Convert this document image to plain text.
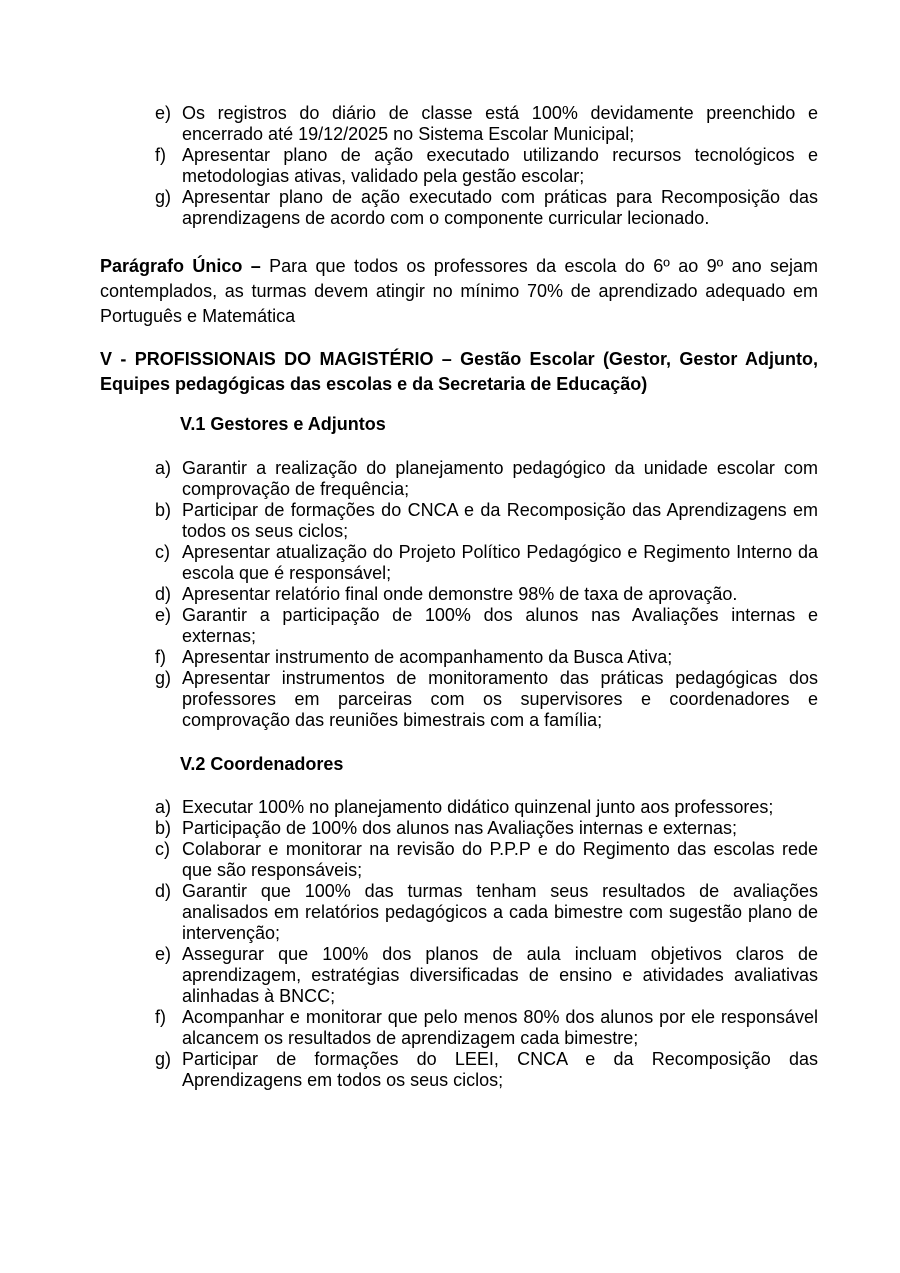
e) Os registros do diário de classe está 100% devidamente preenchido e encerrado até 19/12/2025 no Sistema Escolar Municipal;
f) Apresentar plano de ação executado utilizando recursos tecnológicos e metodologias ativas, validado pela gestão escolar;
g) Apresentar plano de ação executado com práticas para Recomposição das aprendizagens de acordo com o componente curricular lecionado.

Parágrafo Único – Para que todos os professores da escola do 6º ao 9º ano sejam contemplados, as turmas devem atingir no mínimo 70% de aprendizado adequado em Português e Matemática

V - PROFISSIONAIS DO MAGISTÉRIO – Gestão Escolar (Gestor, Gestor Adjunto, Equipes pedagógicas das escolas e da Secretaria de Educação)

V.1 Gestores e Adjuntos

a) Garantir a realização do planejamento pedagógico da unidade escolar com comprovação de frequência;
b) Participar de formações do CNCA e da Recomposição das Aprendizagens em todos os seus ciclos;
c) Apresentar atualização do Projeto Político Pedagógico e Regimento Interno da escola que é responsável;
d) Apresentar relatório final onde demonstre 98% de taxa de aprovação.
e) Garantir a participação de 100% dos alunos nas Avaliações internas e externas;
f) Apresentar instrumento de acompanhamento da Busca Ativa;
g) Apresentar instrumentos de monitoramento das práticas pedagógicas dos professores em parceiras com os supervisores e coordenadores e comprovação das reuniões bimestrais com a família;

V.2 Coordenadores

a) Executar 100% no planejamento didático quinzenal junto aos professores;
b) Participação de 100% dos alunos nas Avaliações internas e externas;
c) Colaborar e monitorar na revisão do P.P.P e do Regimento das escolas rede que são responsáveis;
d) Garantir que 100% das turmas tenham seus resultados de avaliações analisados em relatórios pedagógicos a cada bimestre com sugestão plano de intervenção;
e) Assegurar que 100% dos planos de aula incluam objetivos claros de aprendizagem, estratégias diversificadas de ensino e atividades avaliativas alinhadas à BNCC;
f) Acompanhar e monitorar que pelo menos 80% dos alunos por ele responsável alcancem os resultados de aprendizagem cada bimestre;
g) Participar de formações do LEEI, CNCA e da Recomposição das Aprendizagens em todos os seus ciclos;
